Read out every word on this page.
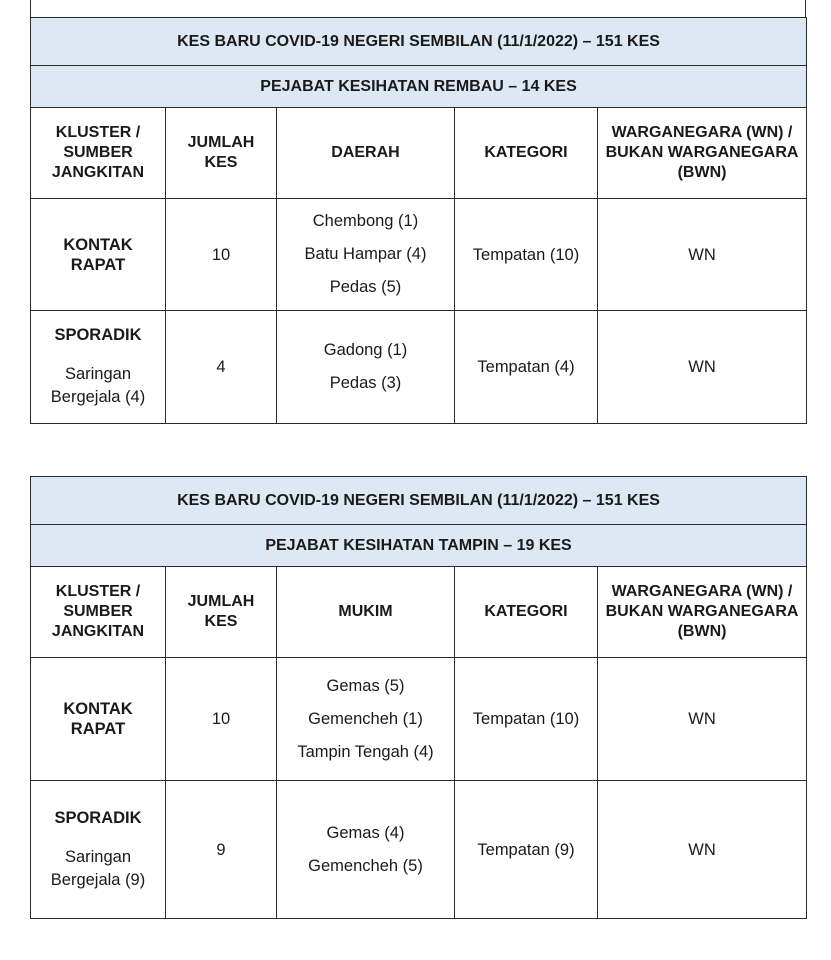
KES BARU COVID-19 NEGERI SEMBILAN (11/1/2022) – 151 KES				
PEJABAT KESIHATAN REMBAU – 14 KES				
KLUSTER / SUMBER JANGKITAN	JUMLAH KES	DAERAH	KATEGORI	WARGANEGARA (WN) / BUKAN WARGANEGARA (BWN)
KONTAK RAPAT	10	Chembong (1)
Batu Hampar (4)
Pedas (5)	Tempatan (10)	WN

SPORADIK
Saringan
Bergejala (4)	4	Gadong (1)
Pedas (3)	Tempatan (4)	WN
KES BARU COVID-19 NEGERI SEMBILAN (11/1/2022) – 151 KES				
PEJABAT KESIHATAN TAMPIN – 19 KES				
KLUSTER / SUMBER JANGKITAN	JUMLAH KES	MUKIM	KATEGORI	WARGANEGARA (WN) / BUKAN WARGANEGARA (BWN)
KONTAK RAPAT	10	Gemas (5)
Gemencheh (1)
Tampin Tengah (4)	Tempatan (10)	WN

SPORADIK
Saringan
Bergejala (9)	9	Gemas (4)
Gemencheh (5)	Tempatan (9)	WN
